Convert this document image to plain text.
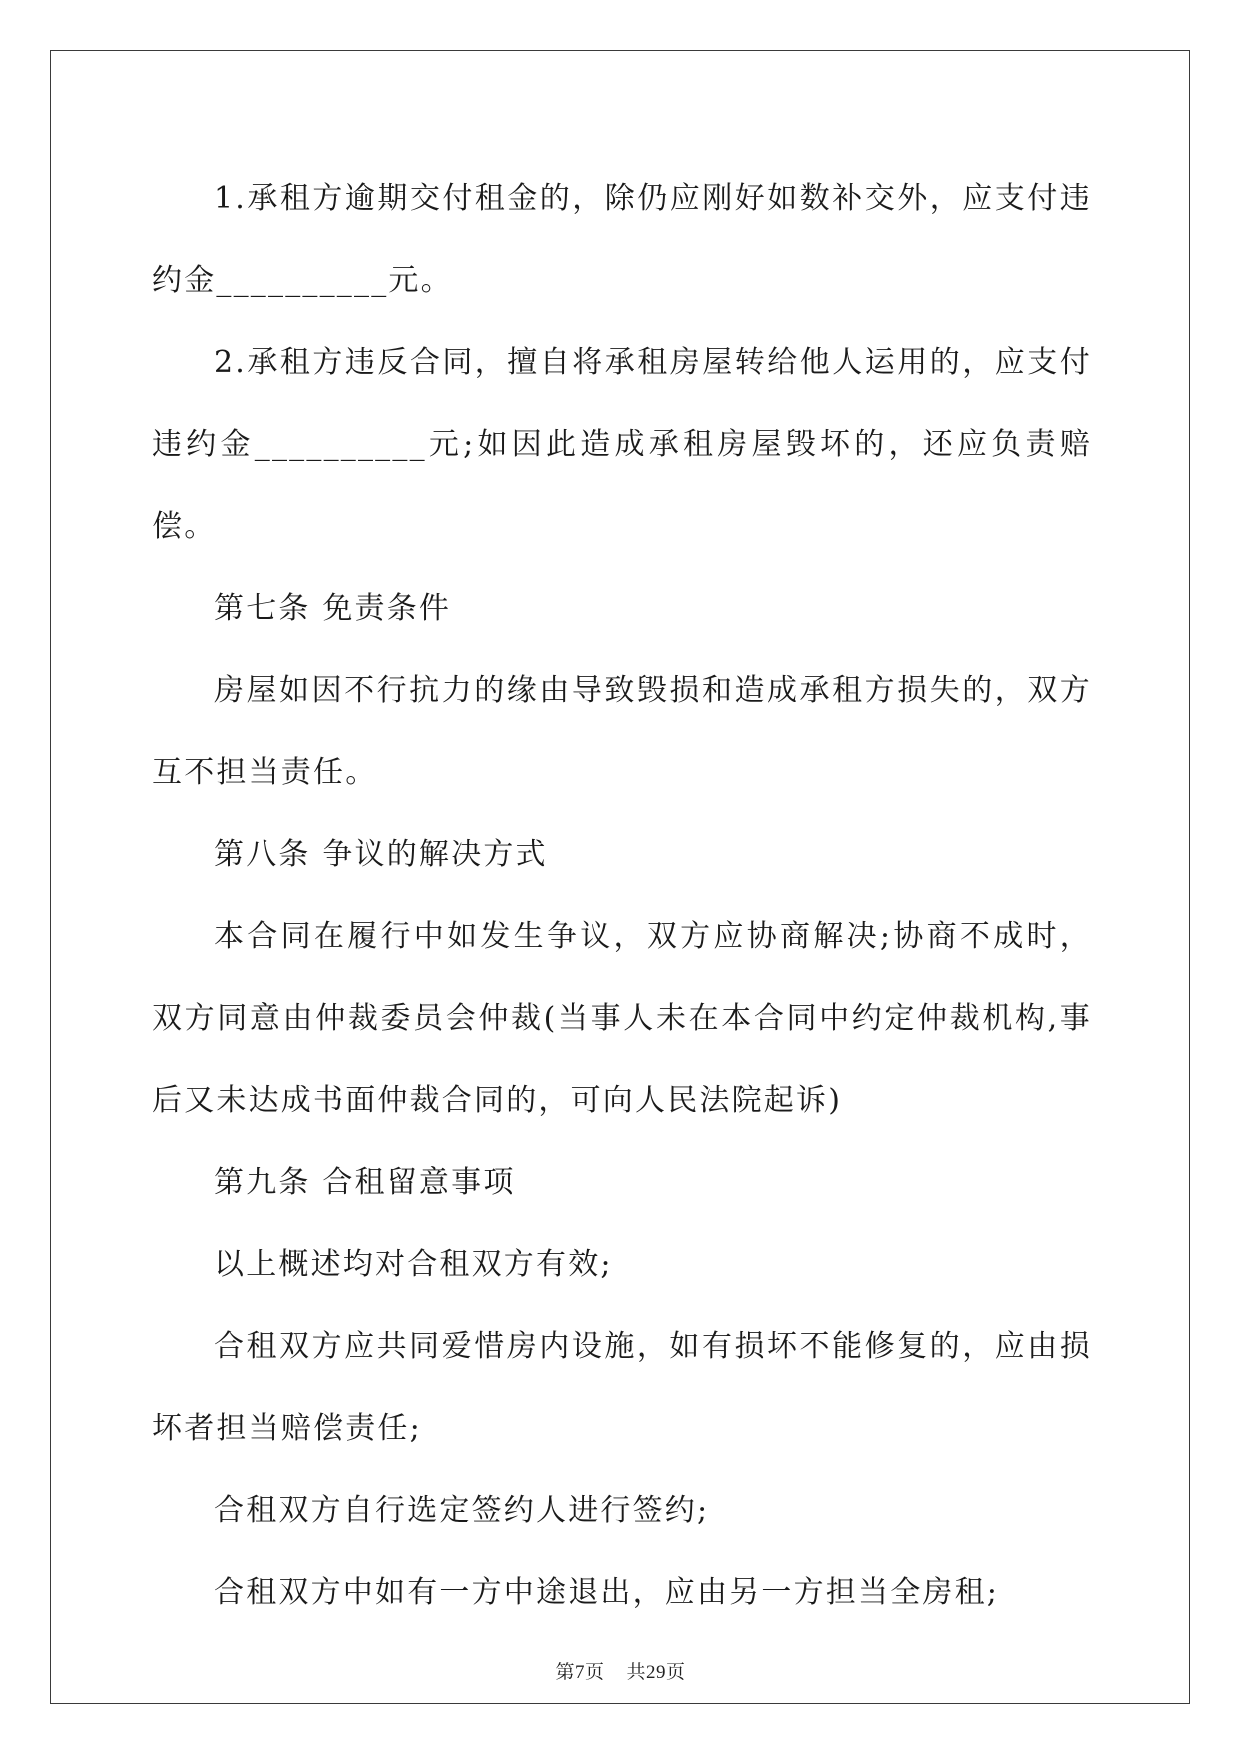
1.承租方逾期交付租金的，除仍应刚好如数补交外，应支付违约金__________元。

2.承租方违反合同，擅自将承租房屋转给他人运用的，应支付违约金__________元;如因此造成承租房屋毁坏的，还应负责赔偿。

第七条 免责条件

房屋如因不行抗力的缘由导致毁损和造成承租方损失的，双方互不担当责任。

第八条 争议的解决方式

本合同在履行中如发生争议，双方应协商解决;协商不成时，双方同意由仲裁委员会仲裁(当事人未在本合同中约定仲裁机构,事后又未达成书面仲裁合同的，可向人民法院起诉)

第九条 合租留意事项

以上概述均对合租双方有效;

合租双方应共同爱惜房内设施，如有损坏不能修复的，应由损坏者担当赔偿责任;

合租双方自行选定签约人进行签约;

合租双方中如有一方中途退出，应由另一方担当全房租;

第7页 共29页
